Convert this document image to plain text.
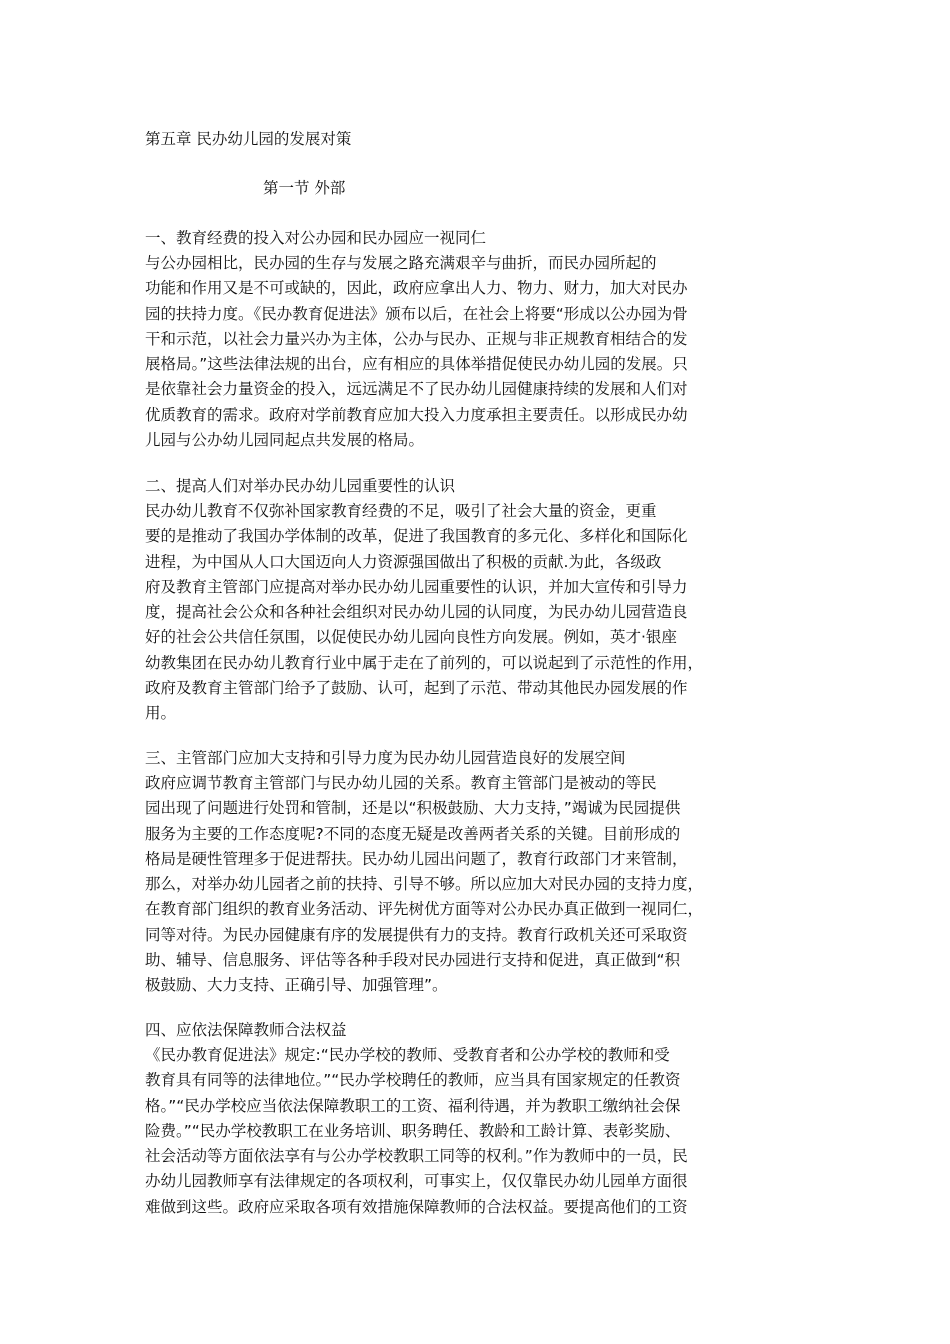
第五章 民办幼儿园的发展对策
第一节 外部
一、教育经费的投入对公办园和民办园应一视同仁
与公办园相比，民办园的生存与发展之路充满艰辛与曲折，而民办园所起的
功能和作用又是不可或缺的，因此，政府应拿出人力、物力、财力，加大对民办
园的扶持力度。《民办教育促进法》颁布以后，在社会上将要“形成以公办园为骨
干和示范，以社会力量兴办为主体，公办与民办、正规与非正规教育相结合的发
展格局。”这些法律法规的出台，应有相应的具体举措促使民办幼儿园的发展。只
是依靠社会力量资金的投入，远远满足不了民办幼儿园健康持续的发展和人们对
优质教育的需求。政府对学前教育应加大投入力度承担主要责任。以形成民办幼
儿园与公办幼儿园同起点共发展的格局。
二、提高人们对举办民办幼儿园重要性的认识
民办幼儿教育不仅弥补国家教育经费的不足，吸引了社会大量的资金，更重
要的是推动了我国办学体制的改革，促进了我国教育的多元化、多样化和国际化
进程，为中国从人口大国迈向人力资源强国做出了积极的贡献.为此，各级政
府及教育主管部门应提高对举办民办幼儿园重要性的认识，并加大宣传和引导力
度，提高社会公众和各种社会组织对民办幼儿园的认同度，为民办幼儿园营造良
好的社会公共信任氛围，以促使民办幼儿园向良性方向发展。例如，英才·银座
幼教集团在民办幼儿教育行业中属于走在了前列的，可以说起到了示范性的作用，
政府及教育主管部门给予了鼓励、认可，起到了示范、带动其他民办园发展的作
用。
三、主管部门应加大支持和引导力度为民办幼儿园营造良好的发展空间
政府应调节教育主管部门与民办幼儿园的关系。教育主管部门是被动的等民
园出现了问题进行处罚和管制，还是以“积极鼓励、大力支持，”竭诚为民园提供
服务为主要的工作态度呢?不同的态度无疑是改善两者关系的关键。目前形成的
格局是硬性管理多于促进帮扶。民办幼儿园出问题了，教育行政部门才来管制，
那么，对举办幼儿园者之前的扶持、引导不够。所以应加大对民办园的支持力度，
在教育部门组织的教育业务活动、评先树优方面等对公办民办真正做到一视同仁，
同等对待。为民办园健康有序的发展提供有力的支持。教育行政机关还可采取资
助、辅导、信息服务、评估等各种手段对民办园进行支持和促进，真正做到“积
极鼓励、大力支持、正确引导、加强管理”。
四、应依法保障教师合法权益
《民办教育促进法》规定:“民办学校的教师、受教育者和公办学校的教师和受
教育具有同等的法律地位。”“民办学校聘任的教师，应当具有国家规定的任教资
格。”“民办学校应当依法保障教职工的工资、福利待遇，并为教职工缴纳社会保
险费。”“民办学校教职工在业务培训、职务聘任、教龄和工龄计算、表彰奖励、
社会活动等方面依法享有与公办学校教职工同等的权利。”作为教师中的一员，民
办幼儿园教师享有法律规定的各项权利，可事实上，仅仅靠民办幼儿园单方面很
难做到这些。政府应采取各项有效措施保障教师的合法权益。要提高他们的工资
